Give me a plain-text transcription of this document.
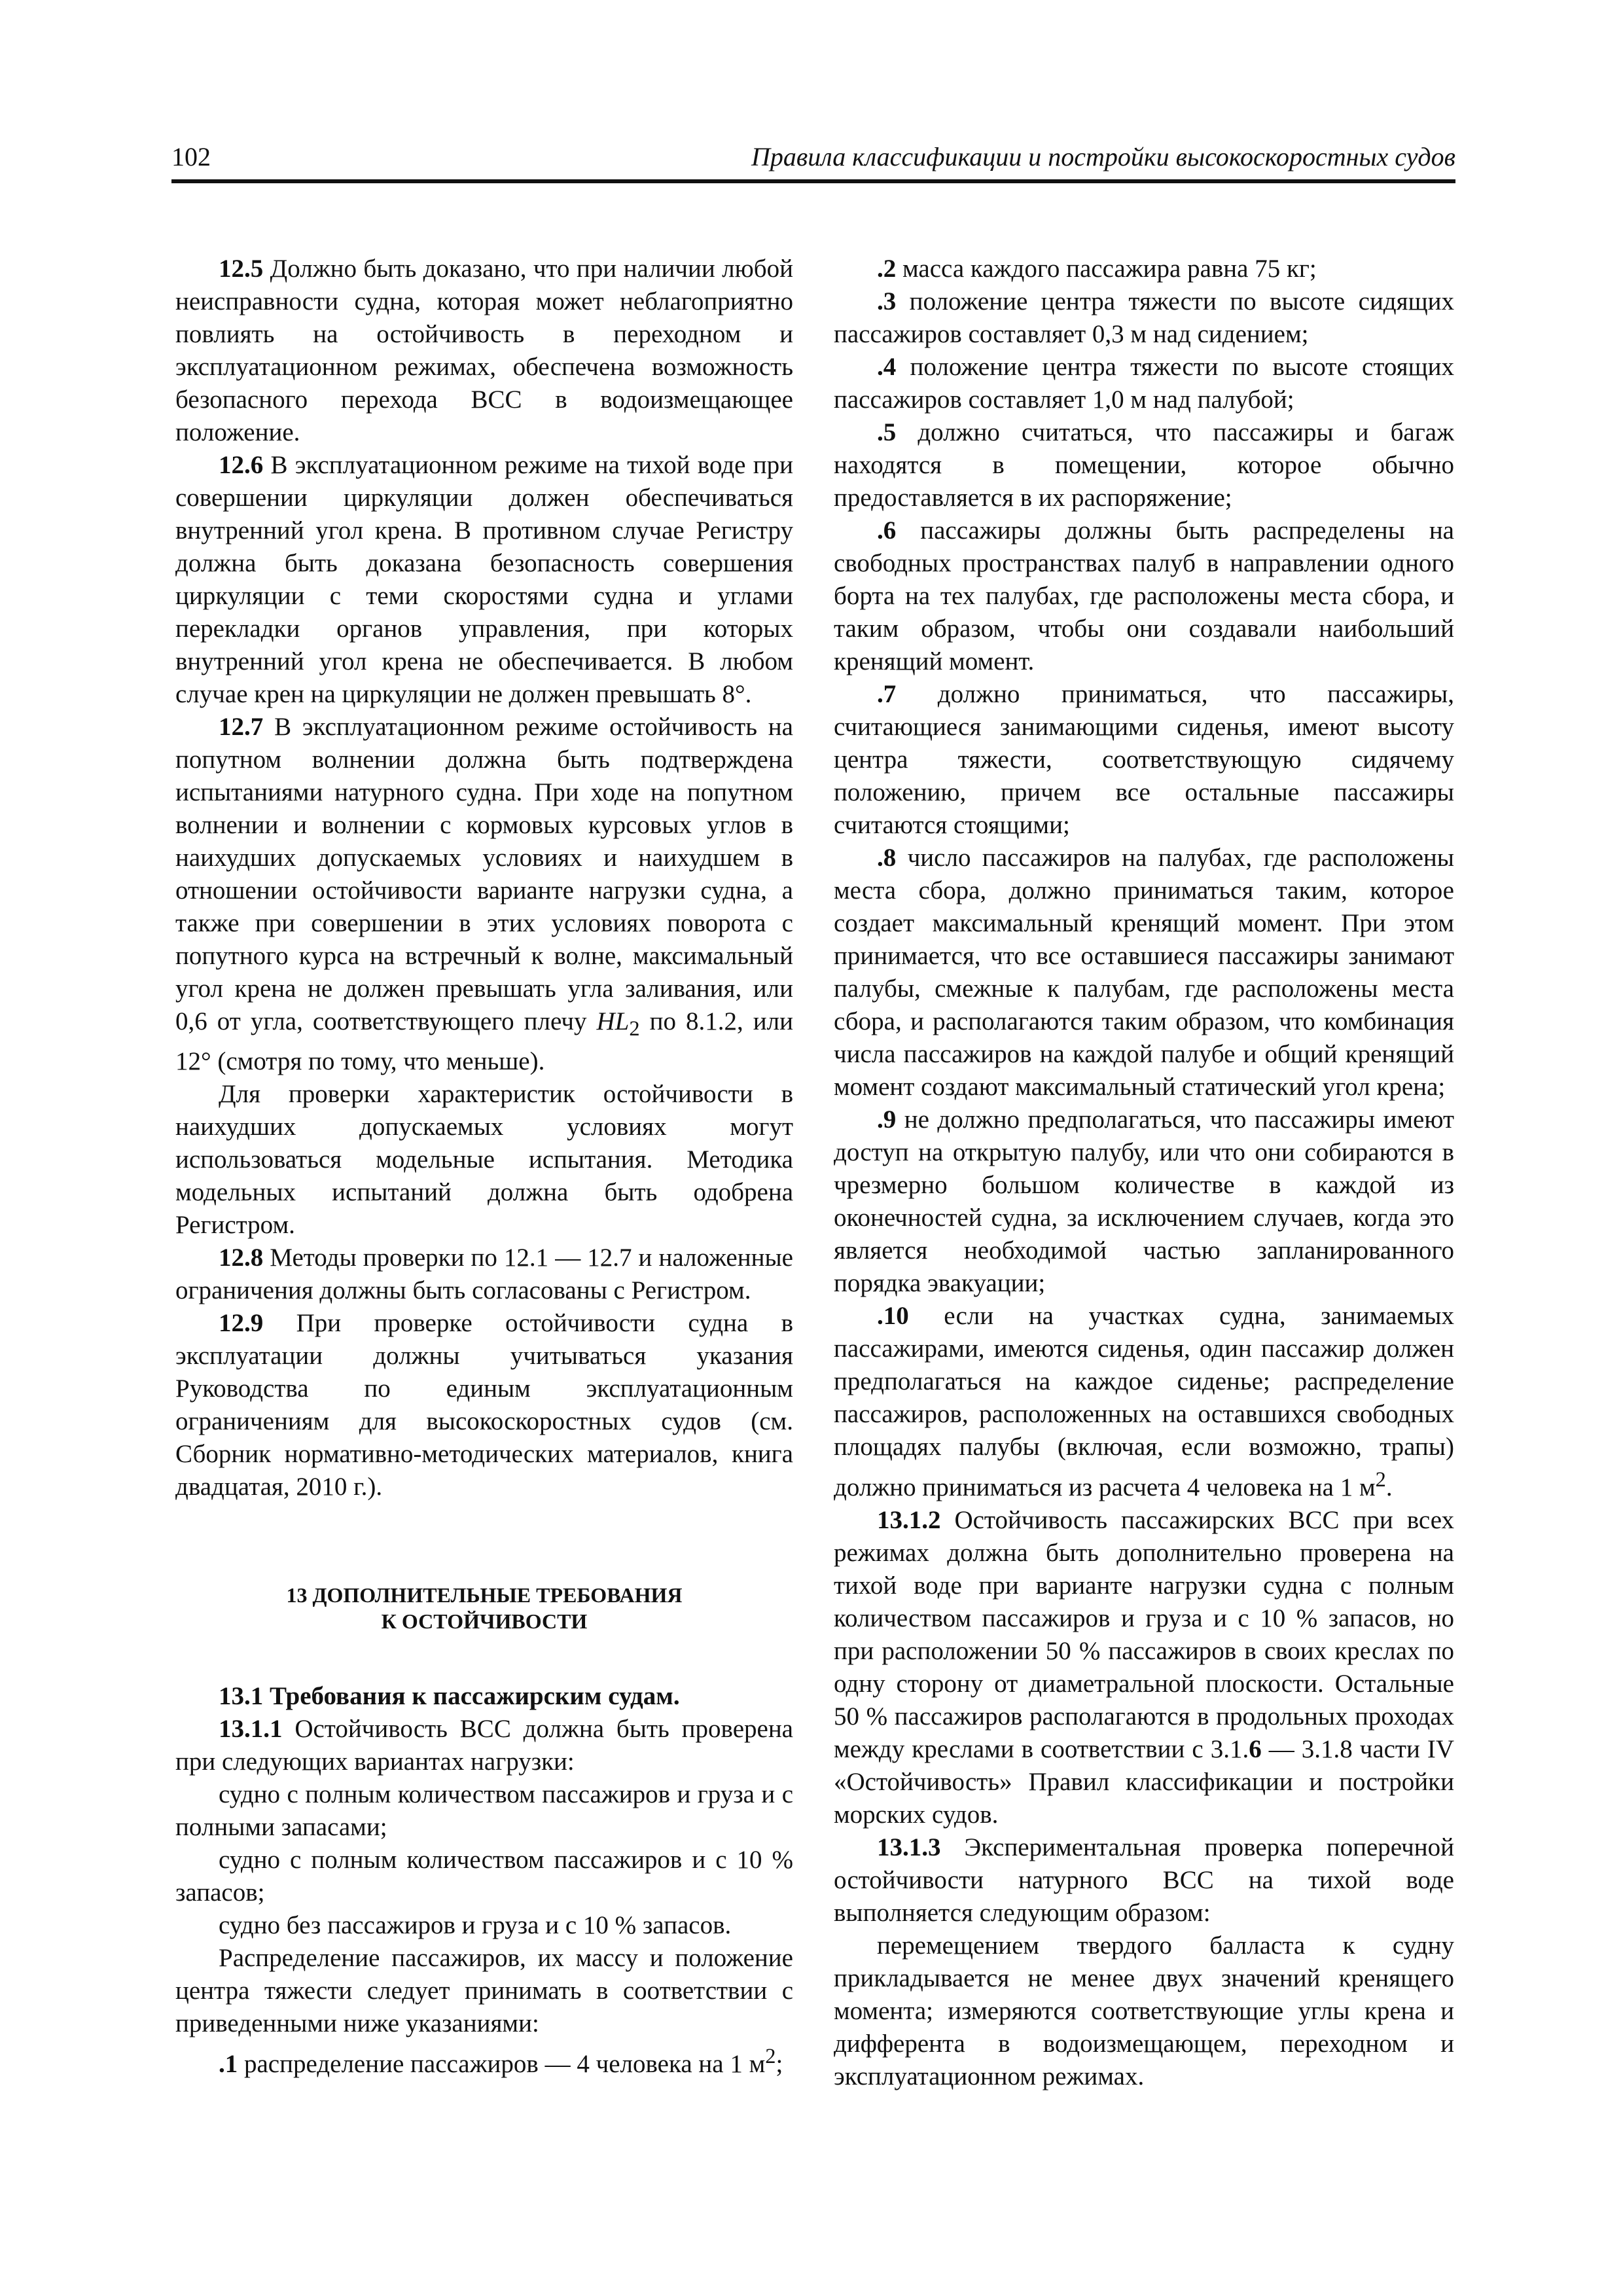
102	Правила классификации и постройки высокоскоростных судов

12.5 Должно быть доказано, что при наличии любой неисправности судна, которая может неблагоприятно повлиять на остойчивость в переходном и эксплуатационном режимах, обеспечена возможность безопасного перехода ВСС в водоизмещающее положение.

12.6 В эксплуатационном режиме на тихой воде при совершении циркуляции должен обеспечиваться внутренний угол крена. В противном случае Регистру должна быть доказана безопасность совершения циркуляции с теми скоростями судна и углами перекладки органов управления, при которых внутренний угол крена не обеспечивается. В любом случае крен на циркуляции не должен превышать 8°.

12.7 В эксплуатационном режиме остойчивость на попутном волнении должна быть подтверждена испытаниями натурного судна. При ходе на попутном волнении и волнении с кормовых курсовых углов в наихудших допускаемых условиях и наихудшем в отношении остойчивости варианте нагрузки судна, а также при совершении в этих условиях поворота с попутного курса на встречный к волне, максимальный угол крена не должен превышать угла заливания, или 0,6 от угла, соответствующего плечу $HL_2$ по 8.1.2, или 12° (смотря по тому, что меньше).

Для проверки характеристик остойчивости в наихудших допускаемых условиях могут использоваться модельные испытания. Методика модельных испытаний должна быть одобрена Регистром.

12.8 Методы проверки по 12.1 — 12.7 и наложенные ограничения должны быть согласованы с Регистром.

12.9 При проверке остойчивости судна в эксплуатации должны учитываться указания Руководства по единым эксплуатационным ограничениям для высокоскоростных судов (см. Сборник нормативно-методических материалов, книга двадцатая, 2010 г.).

13 ДОПОЛНИТЕЛЬНЫЕ ТРЕБОВАНИЯ
К ОСТОЙЧИВОСТИ

13.1 Требования к пассажирским судам.

13.1.1 Остойчивость ВСС должна быть проверена при следующих вариантах нагрузки:

судно с полным количеством пассажиров и груза и с полными запасами;

судно с полным количеством пассажиров и с 10 % запасов;

судно без пассажиров и груза и с 10 % запасов.

Распределение пассажиров, их массу и положение центра тяжести следует принимать в соответствии с приведенными ниже указаниями:

.1 распределение пассажиров — 4 человека на 1 $м^2$;

.2 масса каждого пассажира равна 75 кг;

.3 положение центра тяжести по высоте сидящих пассажиров составляет 0,3 м над сидением;

.4 положение центра тяжести по высоте стоящих пассажиров составляет 1,0 м над палубой;

.5 должно считаться, что пассажиры и багаж находятся в помещении, которое обычно предоставляется в их распоряжение;

.6 пассажиры должны быть распределены на свободных пространствах палуб в направлении одного борта на тех палубах, где расположены места сбора, и таким образом, чтобы они создавали наибольший кренящий момент.

.7 должно приниматься, что пассажиры, считающиеся занимающими сиденья, имеют высоту центра тяжести, соответствующую сидячему положению, причем все остальные пассажиры считаются стоящими;

.8 число пассажиров на палубах, где расположены места сбора, должно приниматься таким, которое создает максимальный кренящий момент. При этом принимается, что все оставшиеся пассажиры занимают палубы, смежные к палубам, где расположены места сбора, и располагаются таким образом, что комбинация числа пассажиров на каждой палубе и общий кренящий момент создают максимальный статический угол крена;

.9 не должно предполагаться, что пассажиры имеют доступ на открытую палубу, или что они собираются в чрезмерно большом количестве в каждой из оконечностей судна, за исключением случаев, когда это является необходимой частью запланированного порядка эвакуации;

.10 если на участках судна, занимаемых пассажирами, имеются сиденья, один пассажир должен предполагаться на каждое сиденье; распределение пассажиров, расположенных на оставшихся свободных площадях палубы (включая, если возможно, трапы) должно приниматься из расчета 4 человека на 1 $м^2$.

13.1.2 Остойчивость пассажирских ВСС при всех режимах должна быть дополнительно проверена на тихой воде при варианте нагрузки судна с полным количеством пассажиров и груза и с 10 % запасов, но при расположении 50 % пассажиров в своих креслах по одну сторону от диаметральной плоскости. Остальные 50 % пассажиров располагаются в продольных проходах между креслами в соответствии с 3.1.6 — 3.1.8 части IV «Остойчивость» Правил классификации и постройки морских судов.

13.1.3 Экспериментальная проверка поперечной остойчивости натурного ВСС на тихой воде выполняется следующим образом:

перемещением твердого балласта к судну прикладывается не менее двух значений кренящего момента; измеряются соответствующие углы крена и дифферента в водоизмещающем, переходном и эксплуатационном режимах.
